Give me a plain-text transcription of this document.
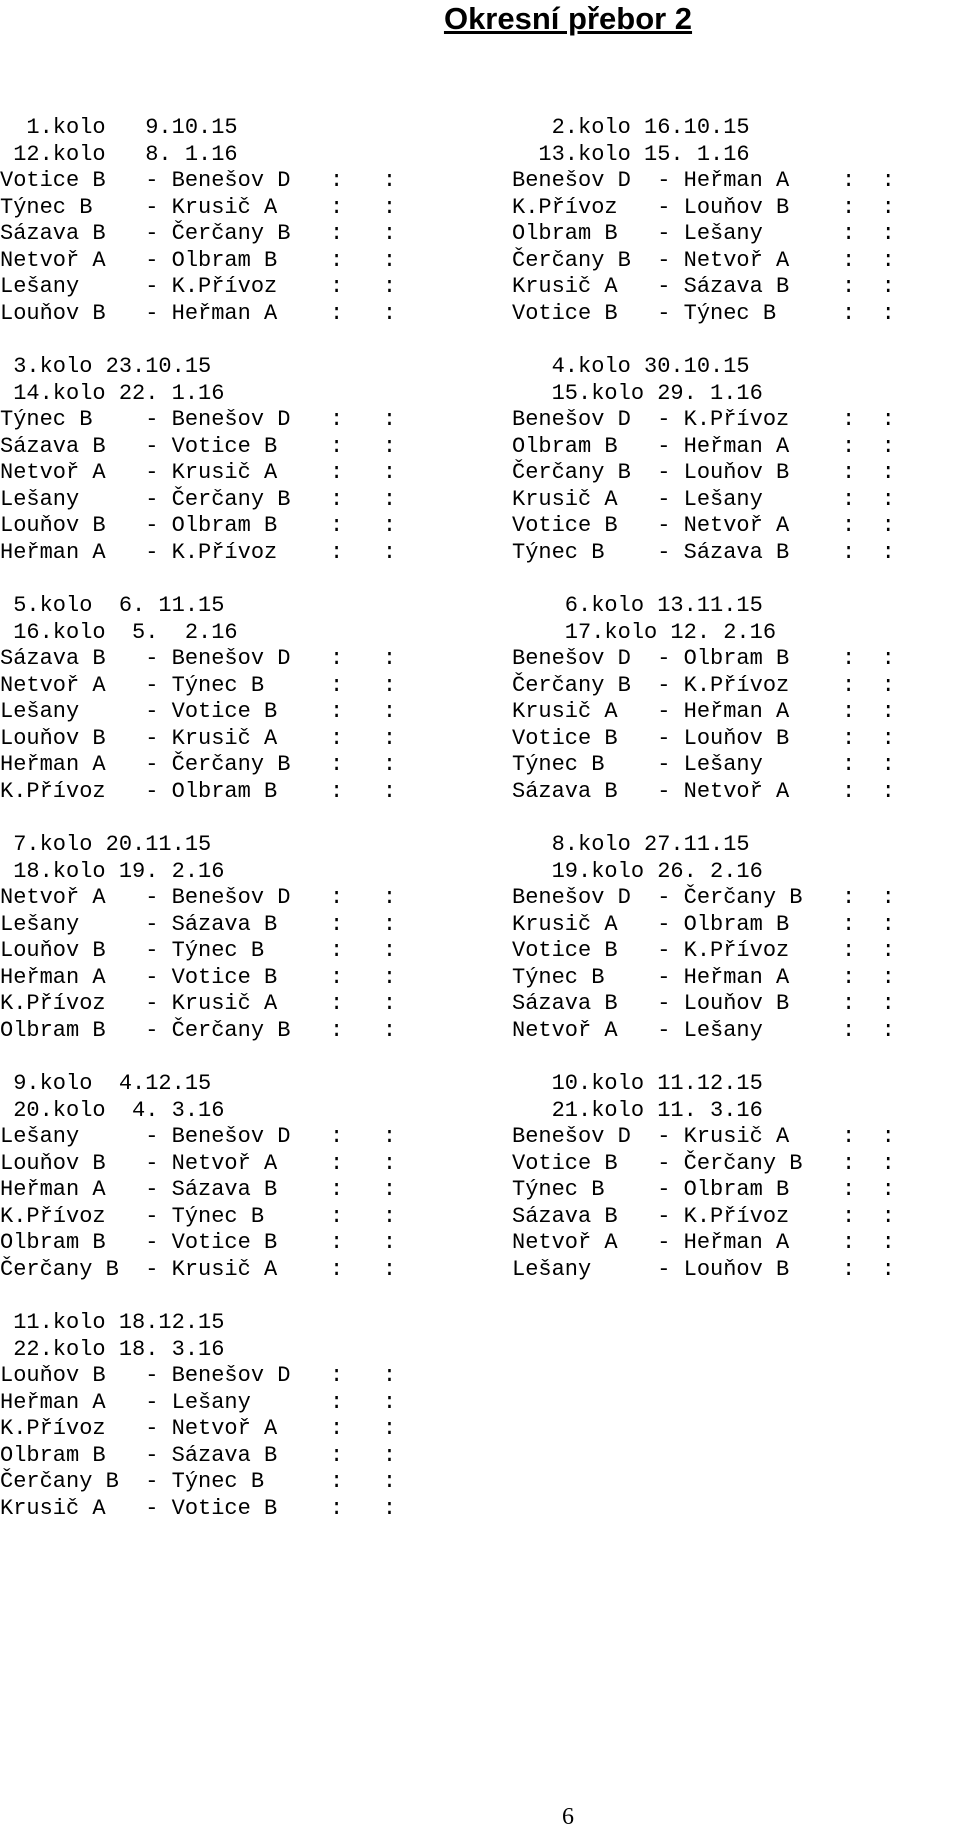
Okresní přebor 2
1.kolo   9.10.15
12.kolo   8. 1.16
Votice B   - Benešov D   :   :
Týnec B    - Krusič A    :   :
Sázava B   - Čerčany B   :   :
Netvoř A   - Olbram B    :   :
Lešany     - K.Přívoz    :   :
Louňov B   - Heřman A    :   :
2.kolo 16.10.15
13.kolo 15. 1.16
Benešov D  - Heřman A    :  :
K.Přívoz   - Louňov B    :  :
Olbram B   - Lešany      :  :
Čerčany B  - Netvoř A    :  :
Krusič A   - Sázava B    :  :
Votice B   - Týnec B     :  :
3.kolo 23.10.15
14.kolo 22. 1.16
Týnec B    - Benešov D   :   :
Sázava B   - Votice B    :   :
Netvoř A   - Krusič A    :   :
Lešany     - Čerčany B   :   :
Louňov B   - Olbram B    :   :
Heřman A   - K.Přívoz    :   :
4.kolo 30.10.15
15.kolo 29. 1.16
Benešov D  - K.Přívoz    :  :
Olbram B   - Heřman A    :  :
Čerčany B  - Louňov B    :  :
Krusič A   - Lešany      :  :
Votice B   - Netvoř A    :  :
Týnec B    - Sázava B    :  :
5.kolo  6. 11.15
16.kolo  5.  2.16
Sázava B   - Benešov D   :   :
Netvoř A   - Týnec B     :   :
Lešany     - Votice B    :   :
Louňov B   - Krusič A    :   :
Heřman A   - Čerčany B   :   :
K.Přívoz   - Olbram B    :   :
6.kolo 13.11.15
17.kolo 12. 2.16
Benešov D  - Olbram B    :  :
Čerčany B  - K.Přívoz    :  :
Krusič A   - Heřman A    :  :
Votice B   - Louňov B    :  :
Týnec B    - Lešany      :  :
Sázava B   - Netvoř A    :  :
7.kolo 20.11.15
18.kolo 19. 2.16
Netvoř A   - Benešov D   :   :
Lešany     - Sázava B    :   :
Louňov B   - Týnec B     :   :
Heřman A   - Votice B    :   :
K.Přívoz   - Krusič A    :   :
Olbram B   - Čerčany B   :   :
8.kolo 27.11.15
19.kolo 26. 2.16
Benešov D  - Čerčany B   :  :
Krusič A   - Olbram B    :  :
Votice B   - K.Přívoz    :  :
Týnec B    - Heřman A    :  :
Sázava B   - Louňov B    :  :
Netvoř A   - Lešany      :  :
9.kolo  4.12.15
20.kolo  4. 3.16
Lešany     - Benešov D   :   :
Louňov B   - Netvoř A    :   :
Heřman A   - Sázava B    :   :
K.Přívoz   - Týnec B     :   :
Olbram B   - Votice B    :   :
Čerčany B  - Krusič A    :   :
10.kolo 11.12.15
21.kolo 11. 3.16
Benešov D  - Krusič A    :  :
Votice B   - Čerčany B   :  :
Týnec B    - Olbram B    :  :
Sázava B   - K.Přívoz    :  :
Netvoř A   - Heřman A    :  :
Lešany     - Louňov B    :  :
11.kolo 18.12.15
22.kolo 18. 3.16
Louňov B   - Benešov D   :   :
Heřman A   - Lešany      :   :
K.Přívoz   - Netvoř A    :   :
Olbram B   - Sázava B    :   :
Čerčany B  - Týnec B     :   :
Krusič A   - Votice B    :   :
6
